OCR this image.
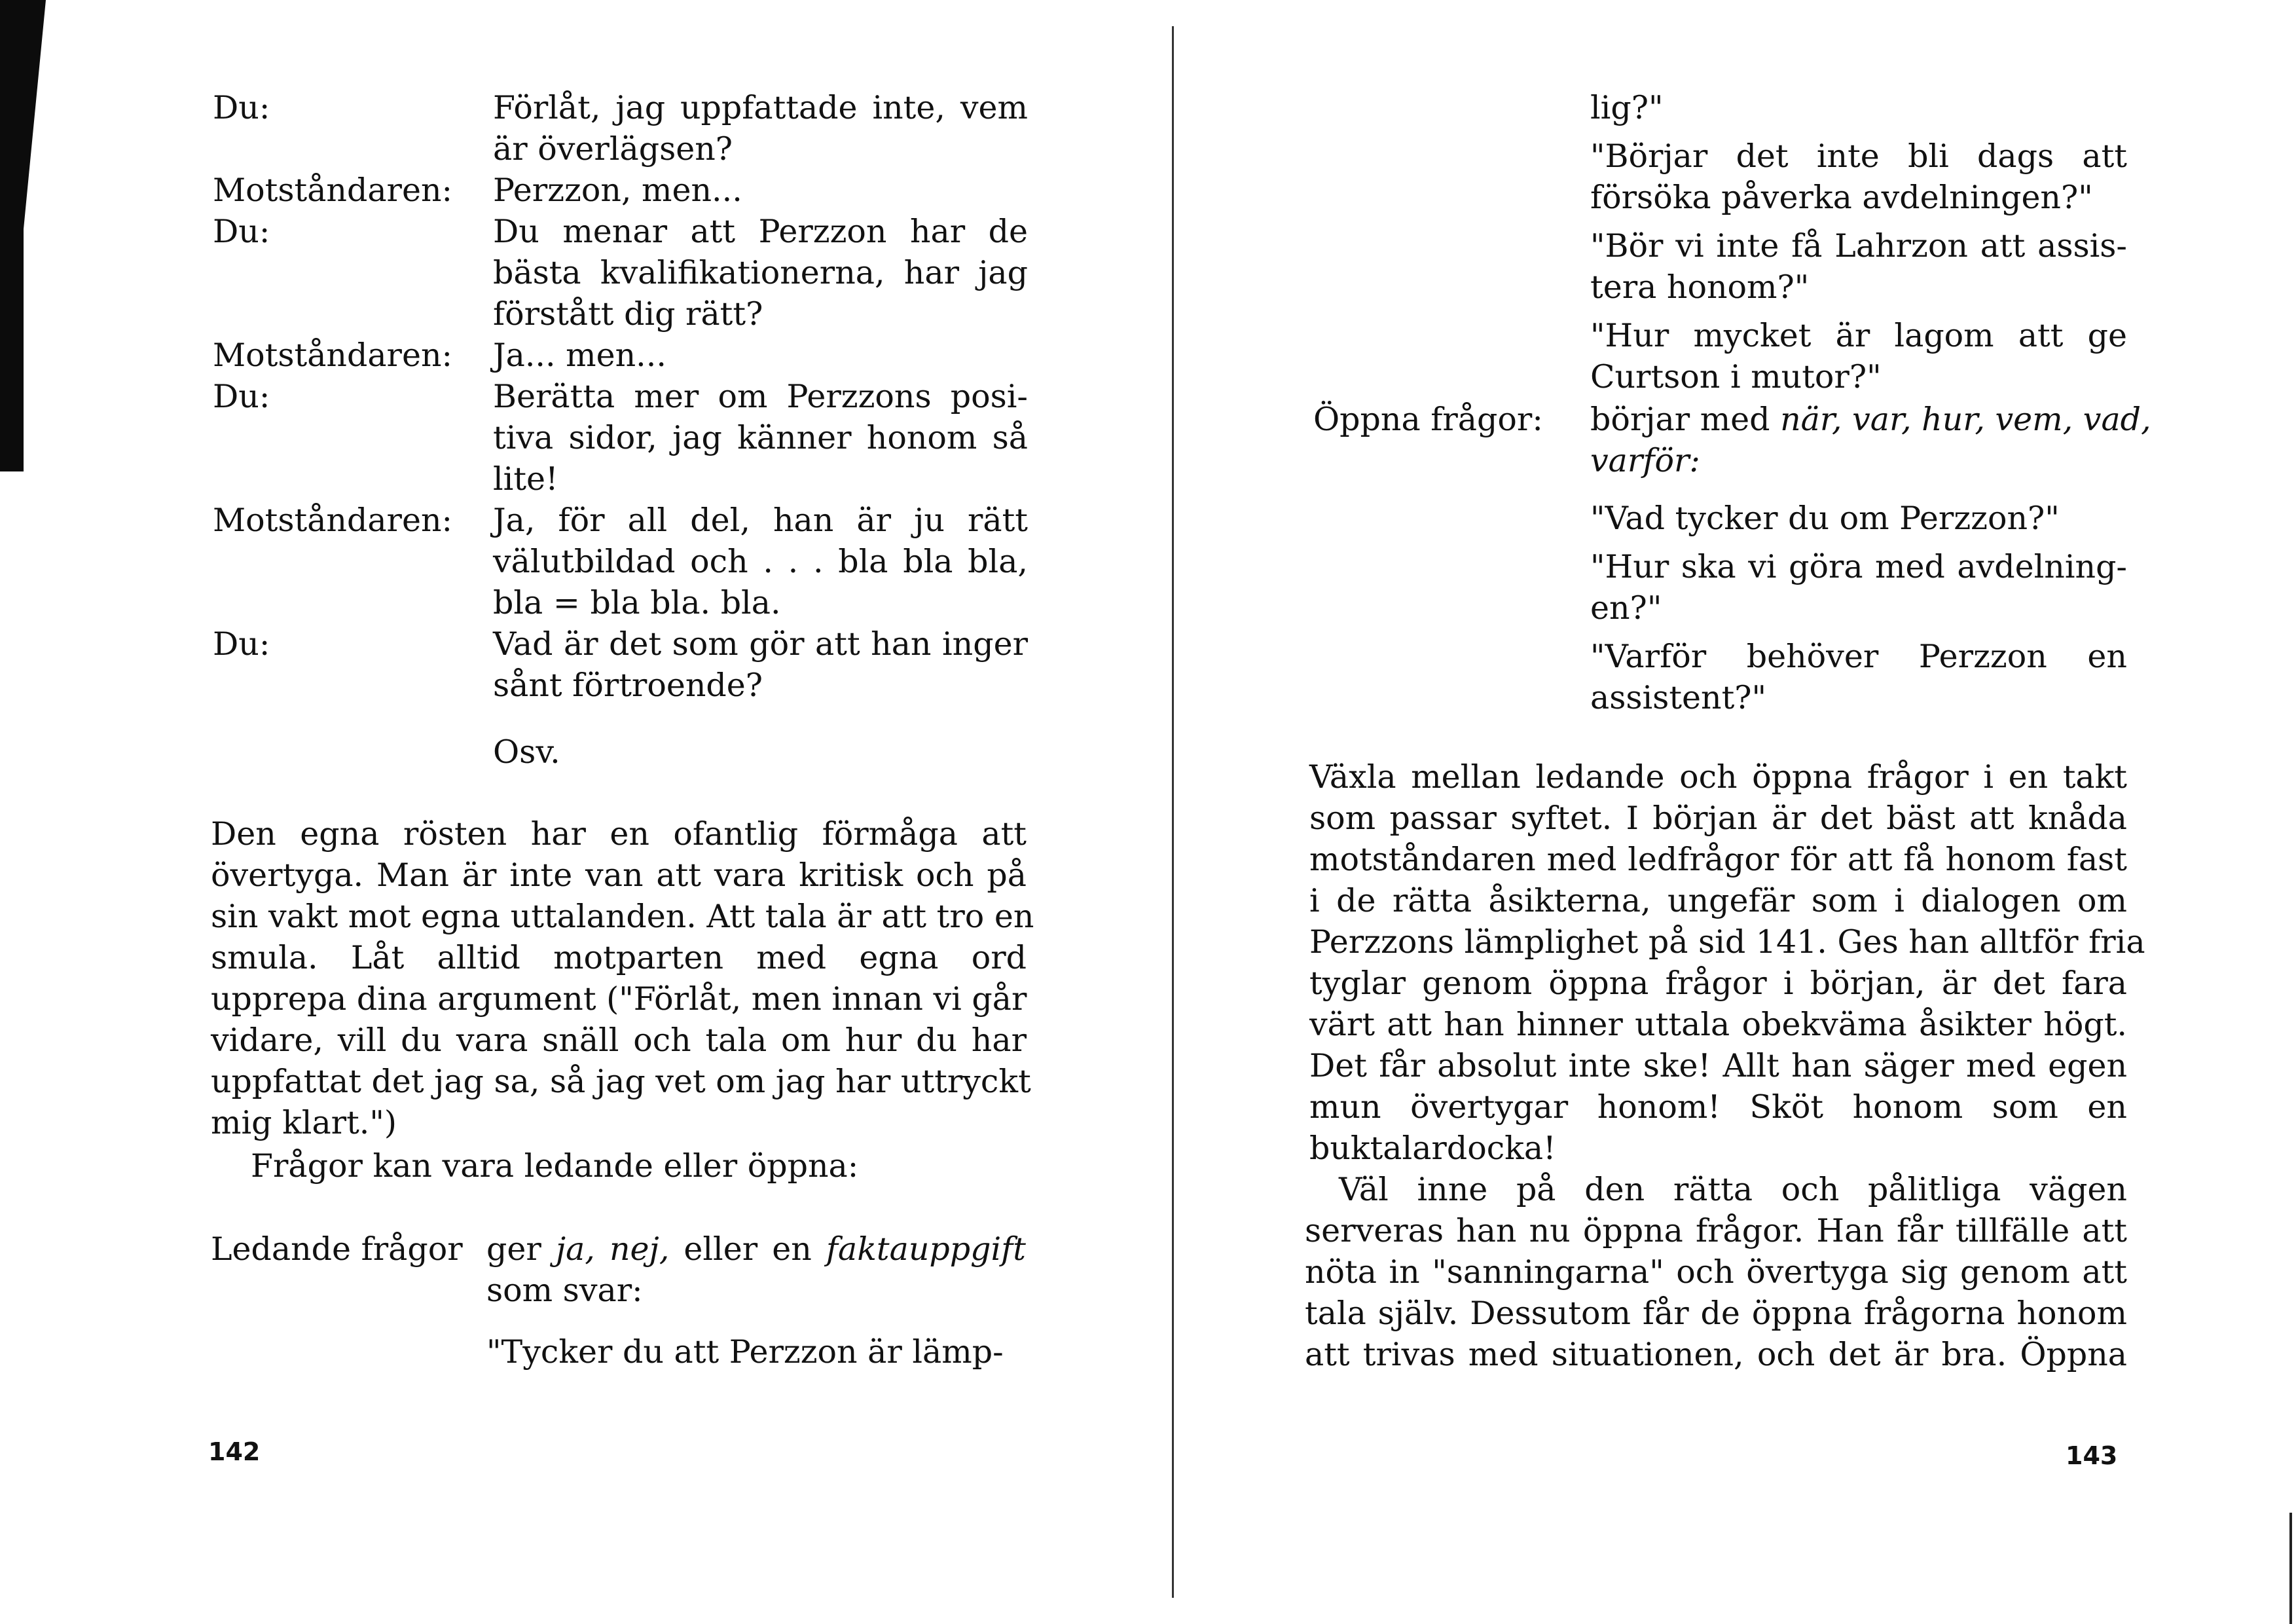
Du:	Förlåt, jag uppfattade inte, vem
är överlägsen?
Motståndaren: Perzzon, men...
Du:	Du menar att Perzzon har de
bästa kvalifikationerna, har jag
förstått dig rätt?
Motståndaren: Ja... men...
Du:	Berätta mer om Perzzons posi-
tiva sidor, jag känner honom så
lite!
Motståndaren: Ja, för all del, han är ju rätt
välutbildad och . . . bla bla bla,
bla = bla bla. bla.
Du:	Vad är det som gör att han inger
sånt förtroende?
Osv.
Den egna rösten har en ofantlig förmåga att
övertyga. Man är inte van att vara kritisk och på
sin vakt mot egna uttalanden. Att tala är att tro en
smula. Låt alltid motparten med egna ord
upprepa dina argument ("Förlåt, men innan vi går
vidare, vill du vara snäll och tala om hur du har
uppfattat det jag sa, så jag vet om jag har uttryckt
mig klart.")
Frågor kan vara ledande eller öppna:
Ledande frågor ger ja, nej, eller en faktauppgift
som svar:
"Tycker du att Perzzon är lämp-
142
lig?"
"Börjar det inte bli dags att
försöka påverka avdelningen?"
"Bör vi inte få Lahrzon att assis-
tera honom?"
"Hur mycket är lagom att ge
Curtson i mutor?"
Öppna frågor: börjar med när, var, hur, vem, vad,
varför:
"Vad tycker du om Perzzon?"
"Hur ska vi göra med avdelning-
en?"
"Varför behöver Perzzon en
assistent?"
Växla mellan ledande och öppna frågor i en takt
som passar syftet. I början är det bäst att knåda
motståndaren med ledfrågor för att få honom fast
i de rätta åsikterna, ungefär som i dialogen om
Perzzons lämplighet på sid 141. Ges han alltför fria
tyglar genom öppna frågor i början, är det fara
värt att han hinner uttala obekväma åsikter högt.
Det får absolut inte ske! Allt han säger med egen
mun övertygar honom! Sköt honom som en
buktalardocka!
Väl inne på den rätta och pålitliga vägen
serveras han nu öppna frågor. Han får tillfälle att
nöta in "sanningarna" och övertyga sig genom att
tala själv. Dessutom får de öppna frågorna honom
att trivas med situationen, och det är bra. Öppna
143
